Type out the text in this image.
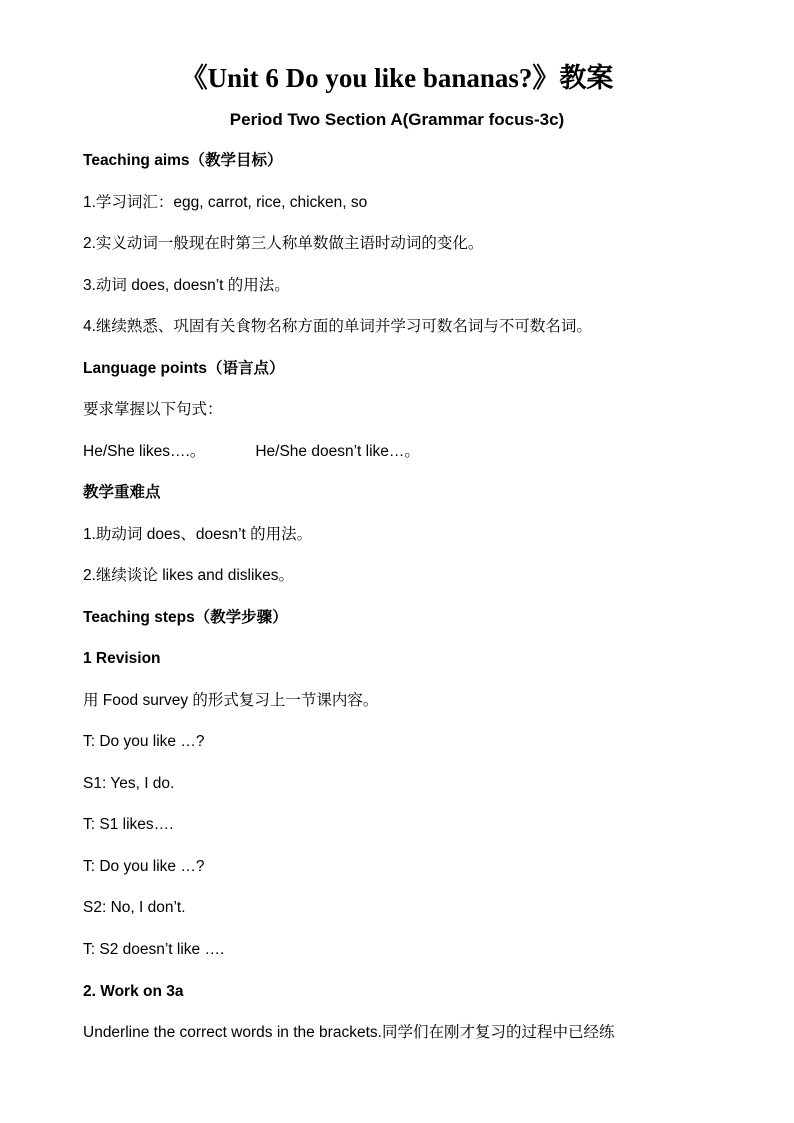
《Unit 6 Do you like bananas?》教案
Period Two Section A(Grammar focus-3c)
Teaching aims（教学目标）
1.学习词汇：egg, carrot, rice, chicken, so
2.实义动词一般现在时第三人称单数做主语时动词的变化。
3.动词 does, doesn’t 的用法。
4.继续熟悉、巩固有关食物名称方面的单词并学习可数名词与不可数名词。
Language points（语言点）
要求掌握以下句式：
He/She likes….。	He/She doesn’t like…。
教学重难点
1.助动词 does、doesn’t 的用法。
2.继续谈论 likes and dislikes。
Teaching steps（教学步骤）
1 Revision
用 Food survey 的形式复习上一节课内容。
T: Do you like …?
S1: Yes, I do.
T: S1 likes….
T: Do you like …?
S2: No, I don’t.
T: S2 doesn’t like ….
2. Work on 3a
Underline the correct words in the brackets.同学们在刚才复习的过程中已经练
